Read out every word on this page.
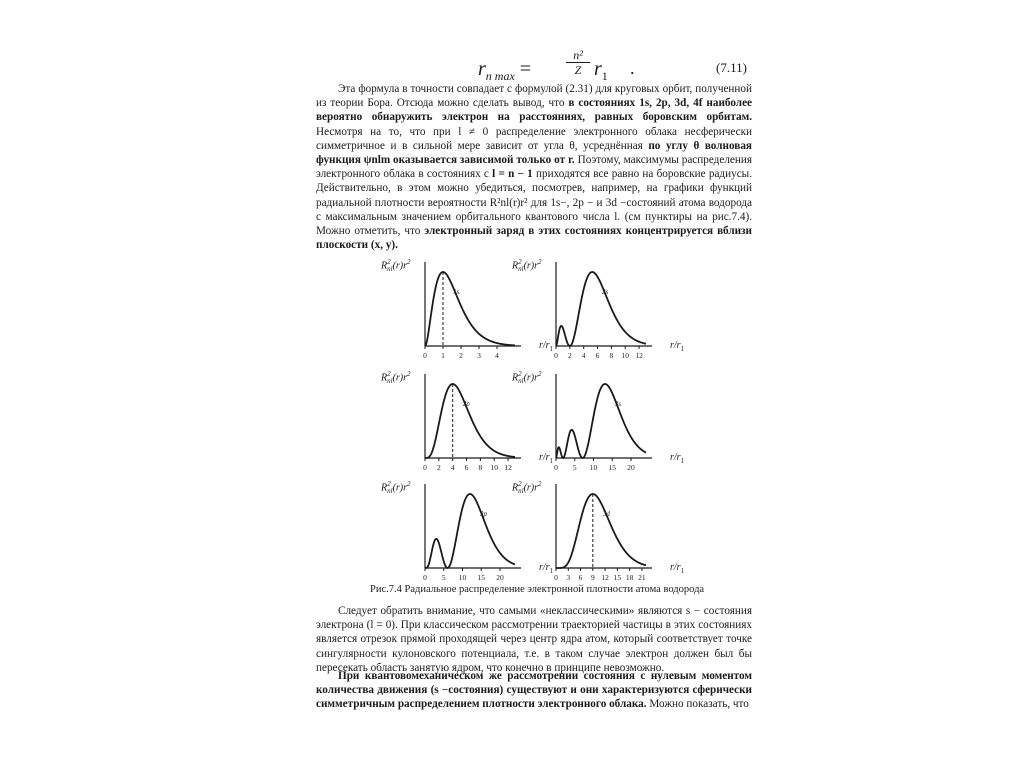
$r_{n max}$ =	$\frac{\text{n²}}{Z} r_1$ .	(7.11)

Эта формула в точности совпадает с формулой (2.31) для круговых орбит, полученной из теории Бора. Отсюда можно сделать вывод, что в состояниях 1s, 2p, 3d, 4f наиболее вероятно обнаружить электрон на расстояниях, равных боровским орбитам. Несмотря на то, что при l ≠ 0 распределение электронного облака несферически симметричное и в сильной мере зависит от угла θ, усреднённая по углу θ волновая функция ψnlm оказывается зависимой только от r. Поэтому, максимумы распределения электронного облака в состояниях с l = n − 1 приходятся все равно на боровские радиусы. Действительно, в этом можно убедиться, посмотрев, например, на графики функций радиальной плотности вероятности R²nl(r)r² для 1s−, 2p − и 3d −состояний атома водорода с максимальным значением орбитального квантового числа l. (см пунктиры на рис.7.4). Можно отметить, что электронный заряд в этих состояниях концентрируется вблизи плоскости (x, y).

0 1 2 3 4
1s
R 2
nl $(r)r^2$
$r/r_1$
0 2 4 6 8 10 12
2s
R 2
nl $(r)r^2$
$r/r_1$
0 2 4 6 8 10 12
2p
R 2
nl $(r)r^2$
$r/r_1$
0 5 10 15 20
3s
R 2
nl $(r)r^2$
$r/r_1$
0 5 10 15 20
3p
R 2
nl $(r)r^2$
$r/r_1$
0 3 6 9 12 15 18 21
3d
R 2
nl $(r)r^2$
$r/r_1$
Рис.7.4 Радиальное распределение электронной плотности атома водорода

Следует обратить внимание, что самыми «неклассическими» являются s − состояния электрона (l = 0). При классическом рассмотрении траекторией частицы в этих состояниях является отрезок прямой проходящей через центр ядра атом, который соответствует точке сингулярности кулоновского потенциала, т.е. в таком случае электрон должен был бы пересекать область занятую ядром, что конечно в принципе невозможно.

При квантовомеханическом же рассмотрении состояния с нулевым моментом количества движения (s −состояния) существуют и они характеризуются сферически симметричным распределением плотности электронного облака. Можно показать, что
